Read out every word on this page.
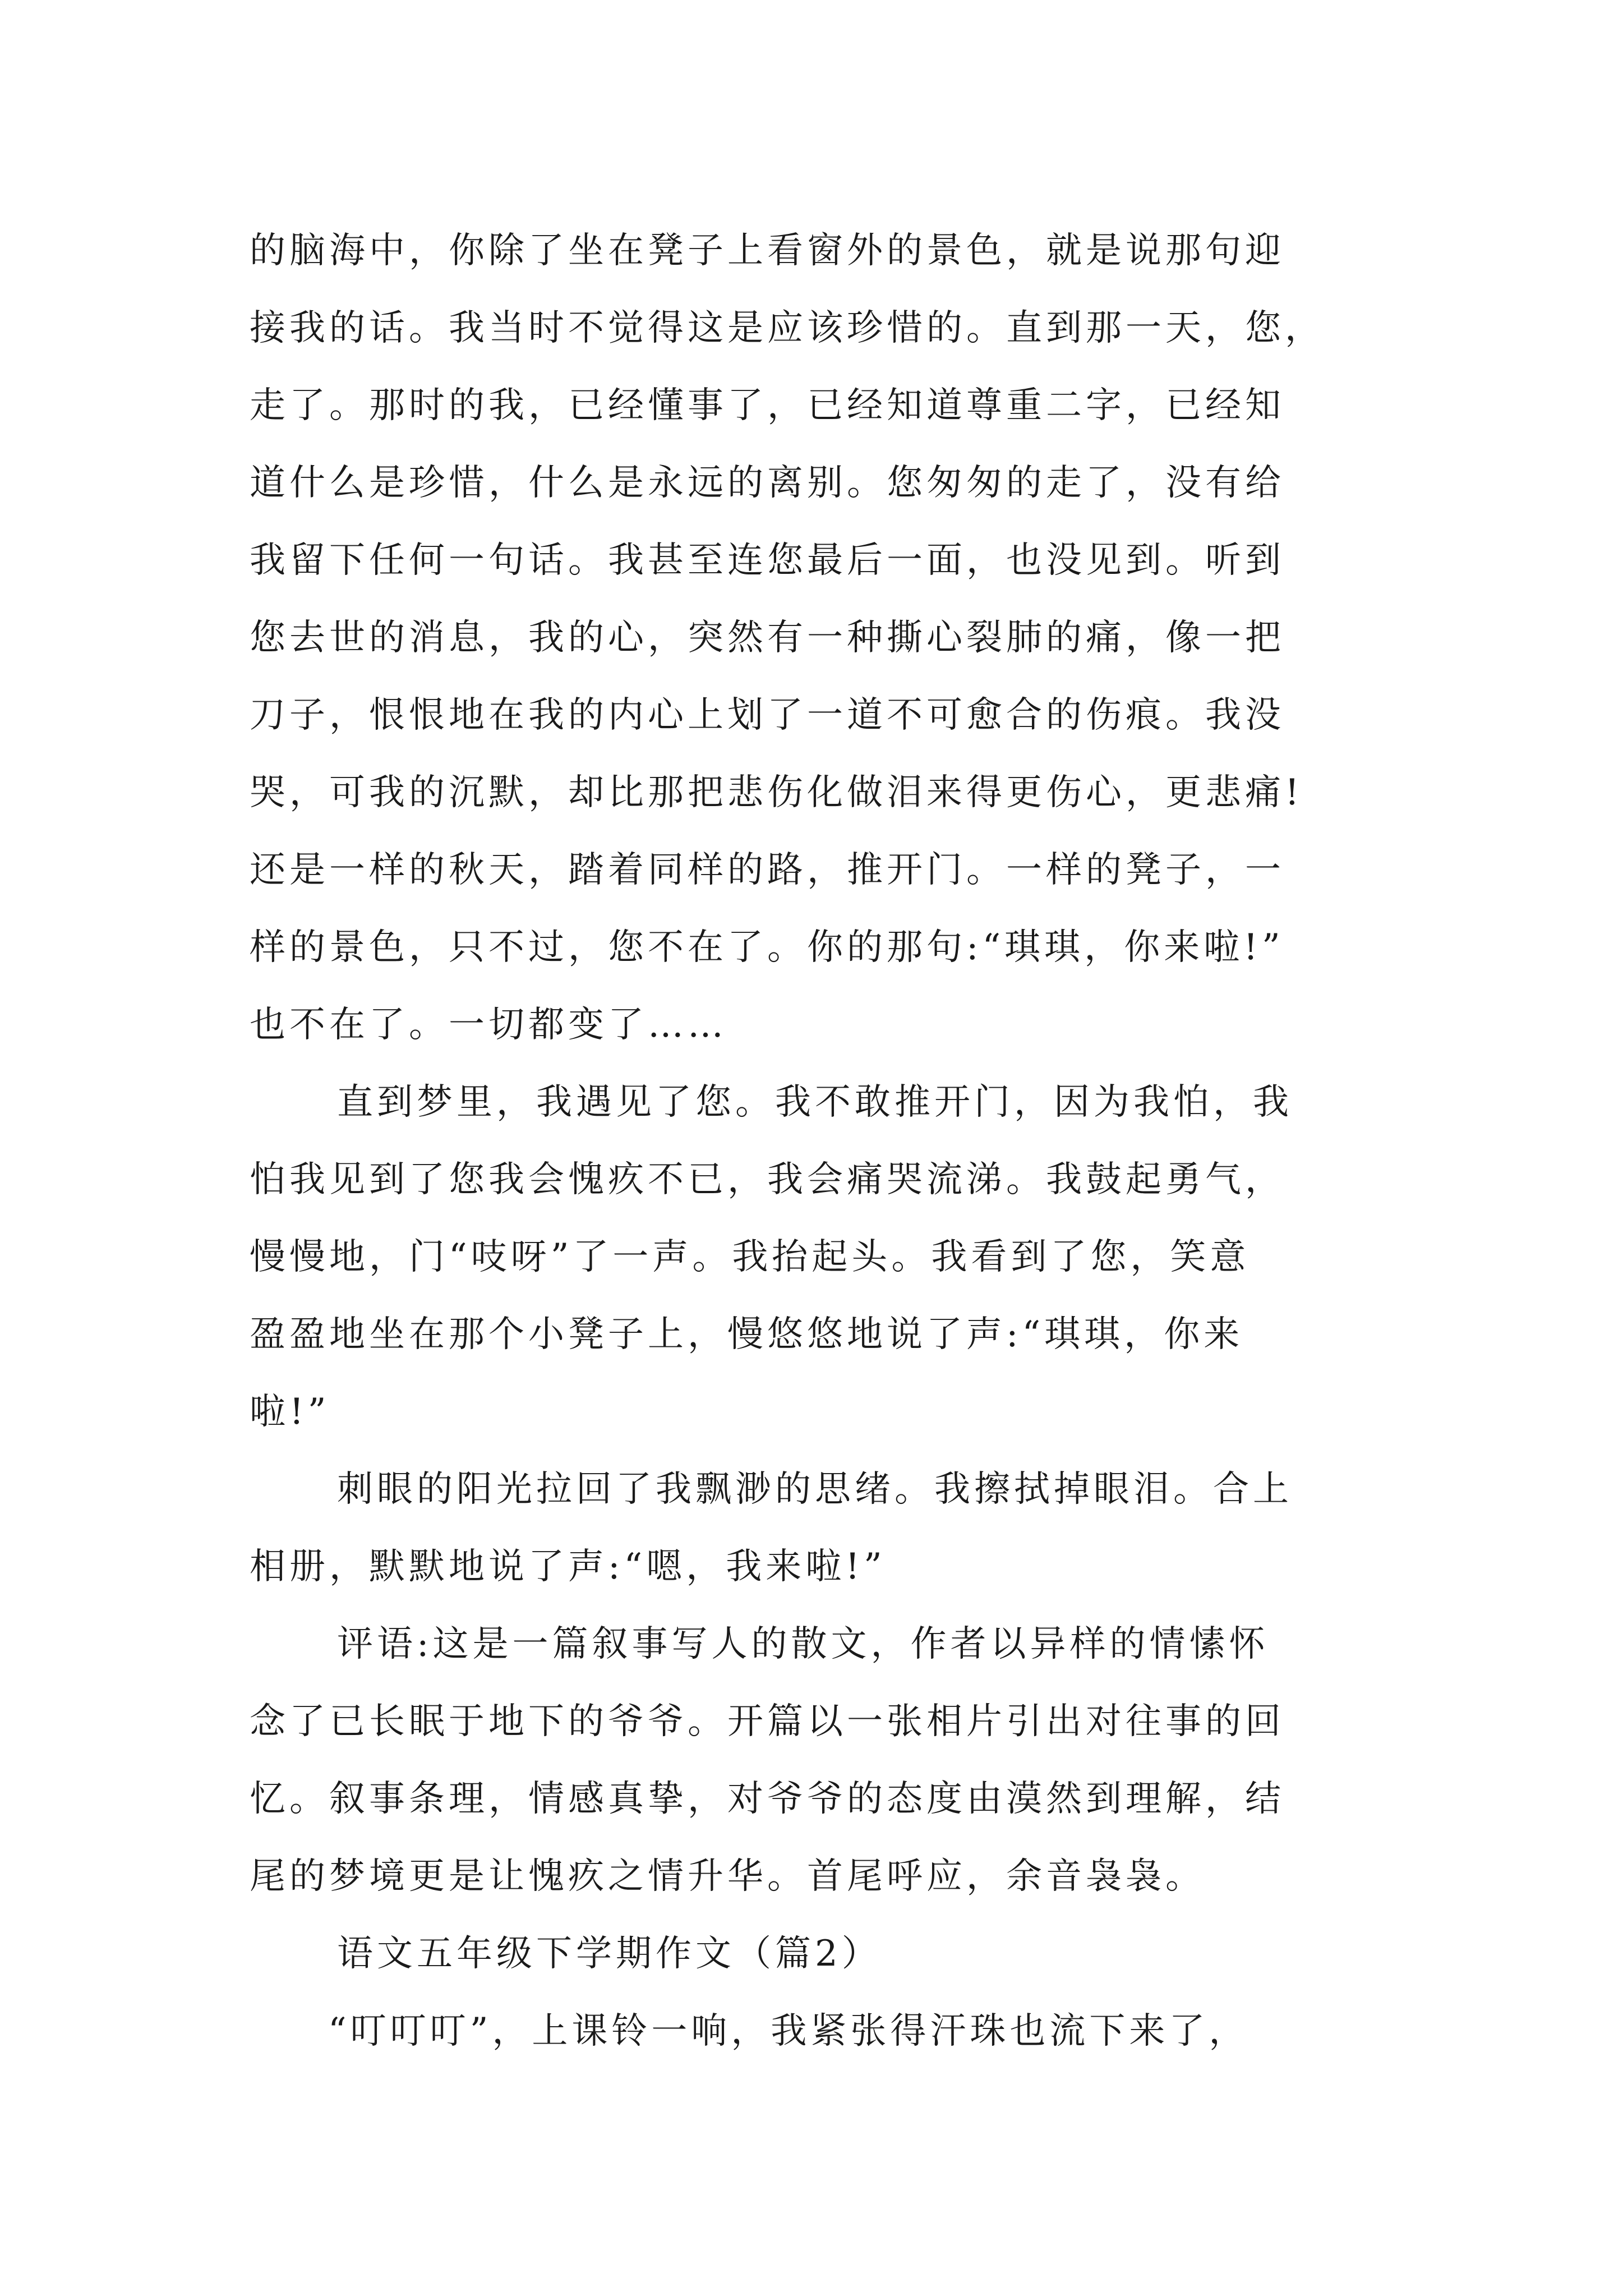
的脑海中，你除了坐在凳子上看窗外的景色，就是说那句迎
接我的话。我当时不觉得这是应该珍惜的。直到那一天，您，
走了。那时的我，已经懂事了，已经知道尊重二字，已经知
道什么是珍惜，什么是永远的离别。您匆匆的走了，没有给
我留下任何一句话。我甚至连您最后一面，也没见到。听到
您去世的消息，我的心，突然有一种撕心裂肺的痛，像一把
刀子，恨恨地在我的内心上划了一道不可愈合的伤痕。我没
哭，可我的沉默，却比那把悲伤化做泪来得更伤心，更悲痛!
还是一样的秋天，踏着同样的路，推开门。一样的凳子，一
样的景色，只不过，您不在了。你的那句:“琪琪，你来啦!”
也不在了。一切都变了……
直到梦里，我遇见了您。我不敢推开门，因为我怕，我
怕我见到了您我会愧疚不已，我会痛哭流涕。我鼓起勇气，
慢慢地，门“吱呀”了一声。我抬起头。我看到了您，笑意
盈盈地坐在那个小凳子上，慢悠悠地说了声:“琪琪，你来
啦!”
刺眼的阳光拉回了我飘渺的思绪。我擦拭掉眼泪。合上
相册，默默地说了声:“嗯，我来啦!”
评语:这是一篇叙事写人的散文，作者以异样的情愫怀
念了已长眠于地下的爷爷。开篇以一张相片引出对往事的回
忆。叙事条理，情感真挚，对爷爷的态度由漠然到理解，结
尾的梦境更是让愧疚之情升华。首尾呼应，余音袅袅。
语文五年级下学期作文（篇2）
“叮叮叮”，上课铃一响，我紧张得汗珠也流下来了，
